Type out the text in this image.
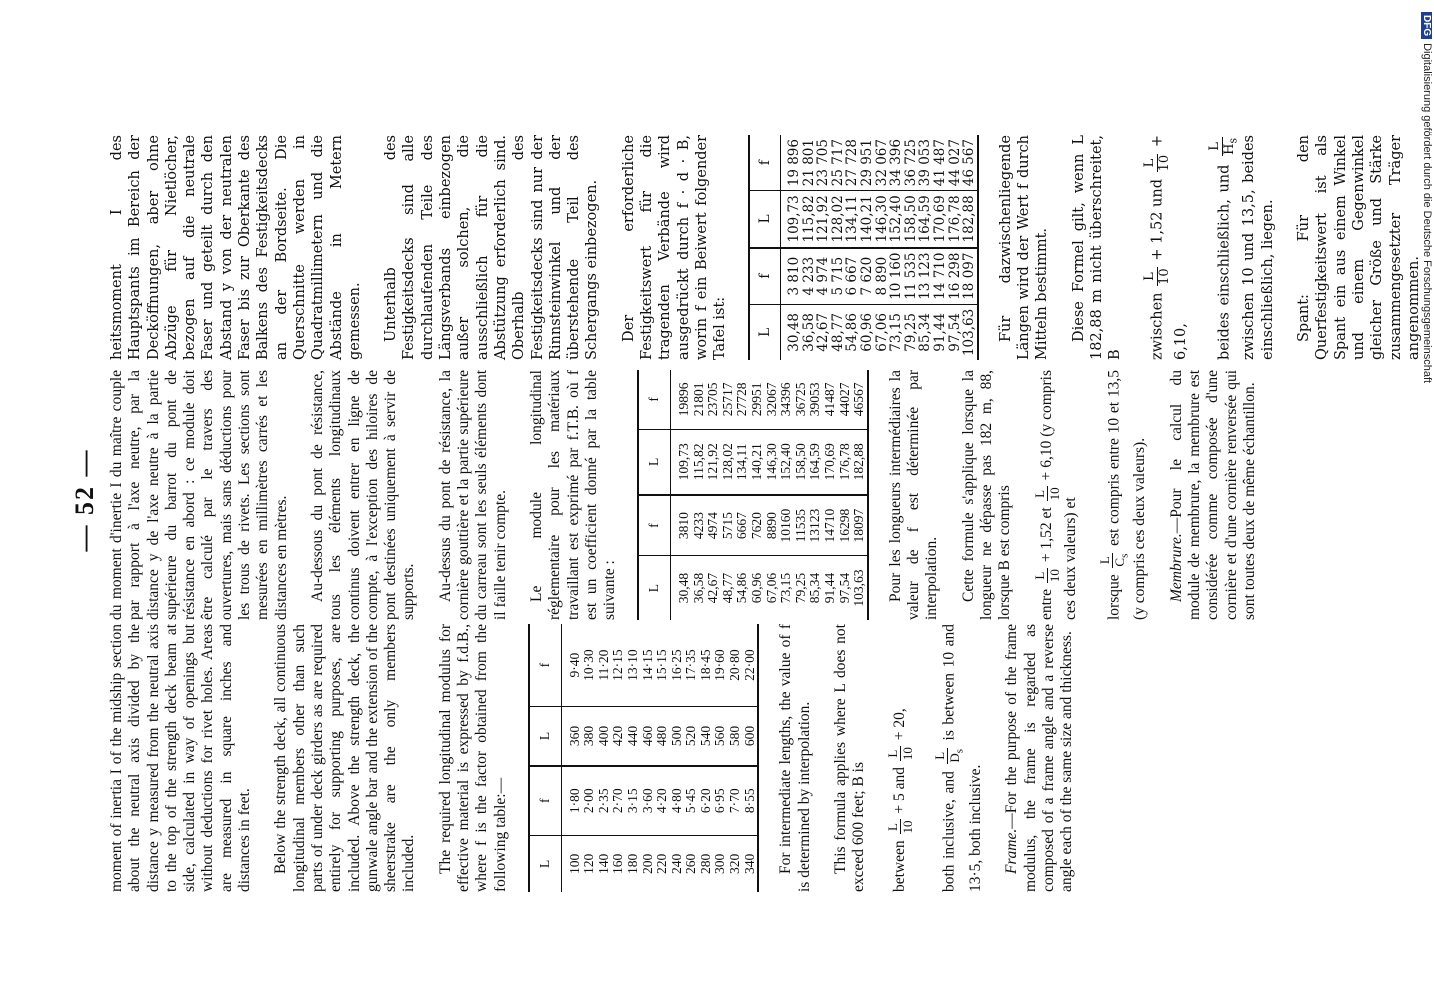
— 52 —

moment of inertia I of the midship section about the neutral axis divided by the distance y measured from the neutral axis to the top of the strength deck beam at side, calculated in way of openings but without deductions for rivet holes. Areas are measured in square inches and distances in feet. Below the strength deck, all continuous longitudinal members other than such parts of under deck girders as are required entirely for supporting purposes, are included. Above the strength deck, the gunwale angle bar and the extension of the sheerstrake are the only members included. The required longitudinal modulus for effective material is expressed by f.d.B., where f is the factor obtained from the following table:— L	f	L	f
100	1·80	360	9·40
120	2·00	380	10·30
140	2·35	400	11·20
160	2·70	420	12·15
180	3·15	440	13·10
200	3·60	460	14·15
220	4·20	480	15·15
240	4·80	500	16·25
260	5·45	520	17·35
280	6·20	540	18·45
300	6·95	560	19·60
320	7·70	580	20·80
340	8·55	600	22·00 For intermediate lengths, the value of f is determined by interpolation. This formula applies where L does not exceed 600 feet; B is	between
L 10
+ 5 and
L 10
+ 20,

both inclusive, and
L $D_s$
is between 10 and 13·5, both inclusive. Frame.—For the purpose of the frame modulus, the frame is regarded as composed of a frame angle and a reverse angle each of the same size and thickness.

du moment d'inertie I du maître couple par rapport à l'axe neutre, par la distance y de l'axe neutre à la partie supérieure du barrot du pont de résistance en abord : ce module doit être calculé par le travers des ouvertures, mais sans déductions pour les trous de rivets. Les sections sont mesurées en millimètres carrés et les distances en mètres. Au-dessous du pont de résistance, tous les éléments longitudinaux continus doivent entrer en ligne de compte, à l'exception des hiloires de pont destinées uniquement à servir de supports. Au-dessus du pont de résistance, la cornière gouttière et la partie supérieure du carreau sont les seuls éléments dont il faille tenir compte. Le module longitudinal réglementaire pour les matériaux travaillant est exprimé par f.T.B. où f est un coefficient donné par la table suivante : L	f	L	f
30,48	3810	109,73	19896
36,58	4233	115,82	21801
42,67	4974	121,92	23705
48,77	5715	128,02	25717
54,86	6667	134,11	27728
60,96	7620	140,21	29951
67,06	8890	146,30	32067
73,15	10160	152,40	34396
79,25	11535	158,50	36725
85,34	13123	164,59	39053
91,44	14710	170,69	41487
97,54	16298	176,78	44027
103,63	18097	182,88	46567 Pour les longueurs intermédiaires la valeur de f est déterminée par interpolation. Cette formule s'applique lorsque la longueur ne dépasse pas 182 m, 88, lorsque B est compris	entre
L 10
+ 1,52 et
L 10
+ 6,10 (y compris ces deux valeurs) et	lorsque
L $C_s$
est compris entre 10 et 13,5 (y compris ces deux valeurs). Membrure.—Pour le calcul du module de membrure, la membrure est considérée comme composée d'une cornière et d'une cornière renversée qui sont toutes deux de même échantillon.

heitsmoment I des Hauptspants im Bereich der Decköffnungen, aber ohne Abzüge für Nietlöcher, bezogen auf die neutrale Faser und geteilt durch den Abstand y von der neutralen Faser bis zur Oberkante des Balkens des Festigkeitsdecks an der Bordseite. Die Querschnitte werden in Quadratmillimetern und die Abstände in Metern gemessen. Unterhalb des Festigkeitsdecks sind alle durchlaufenden Teile des Längsverbands einbezogen außer solchen, die ausschließlich für die Abstützung erforderlich sind. Oberhalb des Festigkeitsdecks sind nur der Rinnsteinwinkel und der überstehende Teil des Schergangs einbezogen. Der erforderliche Festigkeitswert für die tragenden Verbände wird ausgedrückt durch f · d · B, worin f ein Beiwert folgender Tafel ist: L	f	L	f
30,48	3 810	109,73	19 896
36,58	4 233	115,82	21 801
42,67	4 974	121,92	23 705
48,77	5 715	128,02	25 717
54,86	6 667	134,11	27 728
60,96	7 620	140,21	29 951
67,06	8 890	146,30	32 067
73,15	10 160	152,40	34 396
79,25	11 535	158,50	36 725
85,34	13 123	164,59	39 053
91,44	14 710	170,69	41 487
97,54	16 298	176,78	44 027
103,63	18 097	182,88	46 567 Für dazwischenliegende Längen wird der Wert f durch Mitteln bestimmt. Diese Formel gilt, wenn L 182,88 m nicht überschreitet, B	zwischen
L 10
+ 1,52 und
L 10
+ 6,10,	beides einschließlich, und
L $H_s$ zwischen 10 und 13,5, beides einschließlich, liegen. Spant: Für den Querfestigkeitswert ist als Spant ein aus einem Winkel und einem Gegenwinkel gleicher Größe und Stärke zusammengesetzter Träger angenommen.

DFGDigitalisierung gefördert durch die Deutsche Forschungsgemeinschaft
